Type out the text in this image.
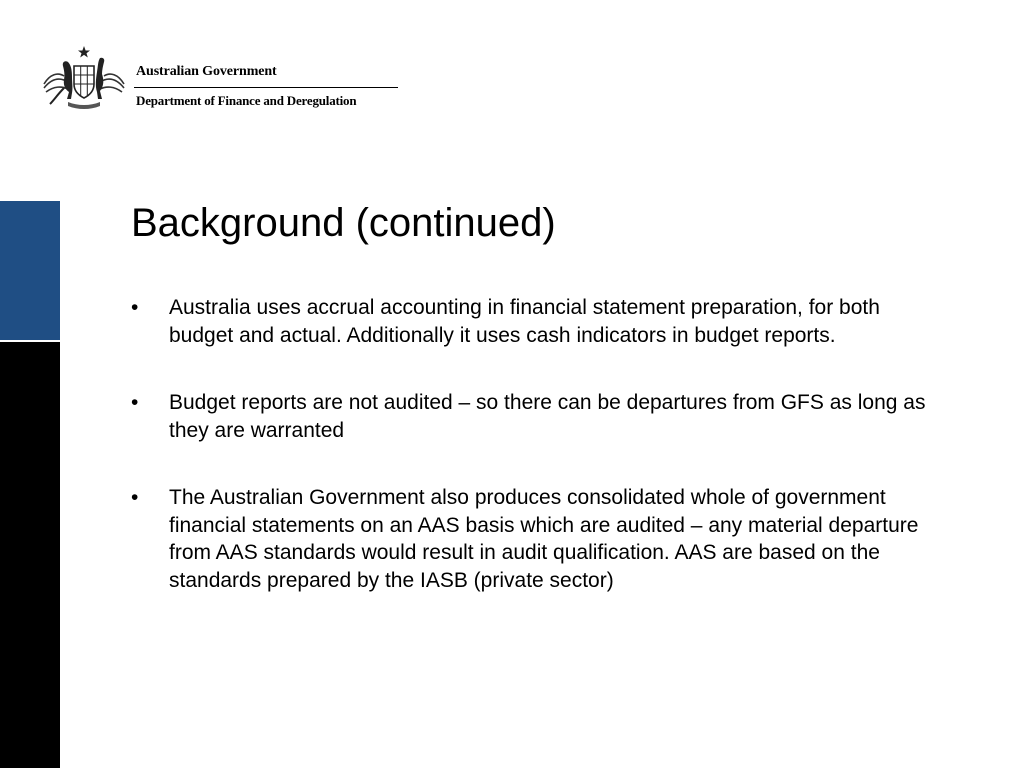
Australian Government
Department of Finance and Deregulation
Background (continued)
• Australia uses accrual accounting in financial statement preparation, for both budget and actual. Additionally it uses cash indicators in budget reports.
• Budget reports are not audited – so there can be departures from GFS as long as they are warranted
• The Australian Government also produces consolidated whole of government financial statements on an AAS basis which are audited – any material departure from AAS standards would result in audit qualification. AAS are based on the standards prepared by the IASB (private sector)
